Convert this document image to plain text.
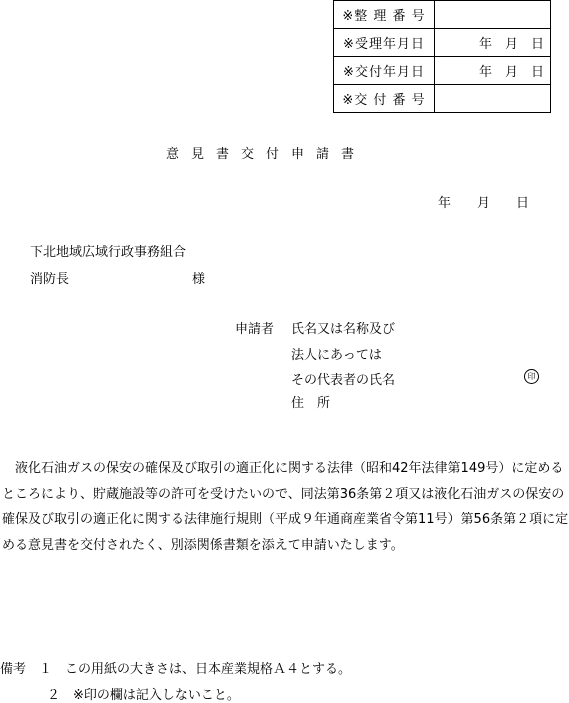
※整 理 番 号	
※受理年月日	年　月　日
※交付年月日	年　月　日
※交 付 番 号	
意見書交付申請書
年　　月　　日
下北地域広域行政事務組合
消防長	様
申請者 氏名又は名称及び
法人にあっては
その代表者の氏名	印
住　所
　液化石油ガスの保安の確保及び取引の適正化に関する法律（昭和42年法律第149号）に定めるところにより、貯蔵施設等の許可を受けたいので、同法第36条第２項又は液化石油ガスの保安の確保及び取引の適正化に関する法律施行規則（平成９年通商産業省令第11号）第56条第２項に定める意見書を交付されたく、別添関係書類を添えて申請いたします。
備考　１　この用紙の大きさは、日本産業規格Ａ４とする。
２　※印の欄は記入しないこと。
